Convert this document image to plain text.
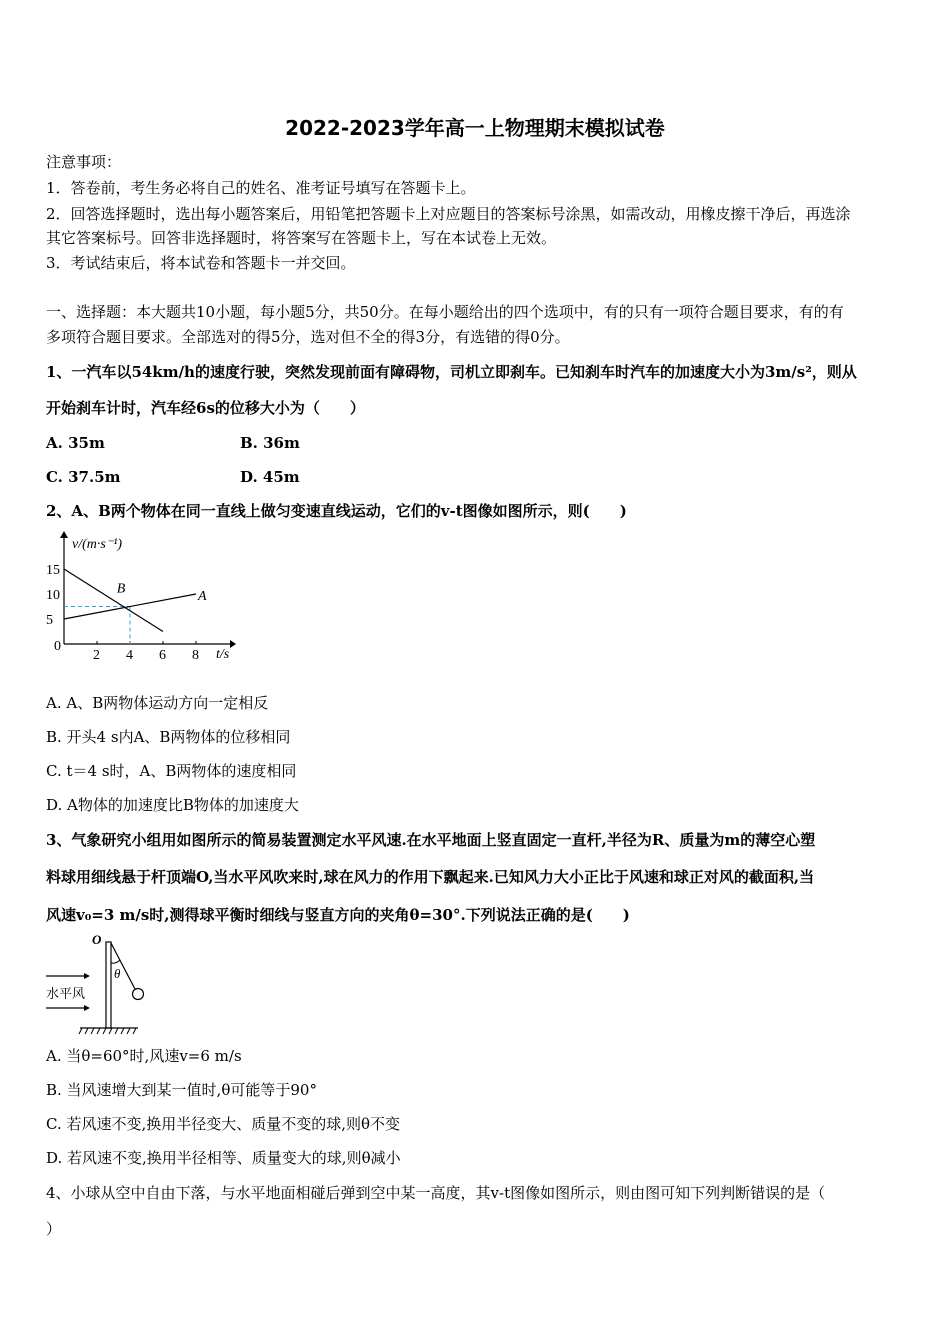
2022-2023学年高一上物理期末模拟试卷
注意事项：
1．答卷前，考生务必将自己的姓名、准考证号填写在答题卡上。
2．回答选择题时，选出每小题答案后，用铅笔把答题卡上对应题目的答案标号涂黑，如需改动，用橡皮擦干净后，再选涂
其它答案标号。回答非选择题时，将答案写在答题卡上，写在本试卷上无效。
3．考试结束后，将本试卷和答题卡一并交回。
一、选择题：本大题共10小题，每小题5分，共50分。在每小题给出的四个选项中，有的只有一项符合题目要求，有的有
多项符合题目要求。全部选对的得5分，选对但不全的得3分，有选错的得0分。
1、一汽车以54km/h的速度行驶，突然发现前面有障碍物，司机立即刹车。已知刹车时汽车的加速度大小为3m/s²，则从
开始刹车计时，汽车经6s的位移大小为（　　）
A. 35m	B. 36m
C. 37.5m	D. 45m
2、A、B两个物体在同一直线上做匀变速直线运动，它们的v-t图像如图所示，则(　　)
v/(m·s⁻¹)
t/s
0
5
10
15
2 4 6 8
A
B
A. A、B两物体运动方向一定相反
B. 开头4 s内A、B两物体的位移相同
C. t＝4 s时，A、B两物体的速度相同
D. A物体的加速度比B物体的加速度大
3、气象研究小组用如图所示的简易装置测定水平风速.在水平地面上竖直固定一直杆,半径为R、质量为m的薄空心塑
料球用细线悬于杆顶端O,当水平风吹来时,球在风力的作用下飘起来.已知风力大小正比于风速和球正对风的截面积,当
风速v₀=3 m/s时,测得球平衡时细线与竖直方向的夹角θ=30°.下列说法正确的是(　　)
O
θ
水平风
A. 当θ=60°时,风速v=6 m/s
B. 当风速增大到某一值时,θ可能等于90°
C. 若风速不变,换用半径变大、质量不变的球,则θ不变
D. 若风速不变,换用半径相等、质量变大的球,则θ减小
4、小球从空中自由下落，与水平地面相碰后弹到空中某一高度，其v-t图像如图所示，则由图可知下列判断错误的是（
）
